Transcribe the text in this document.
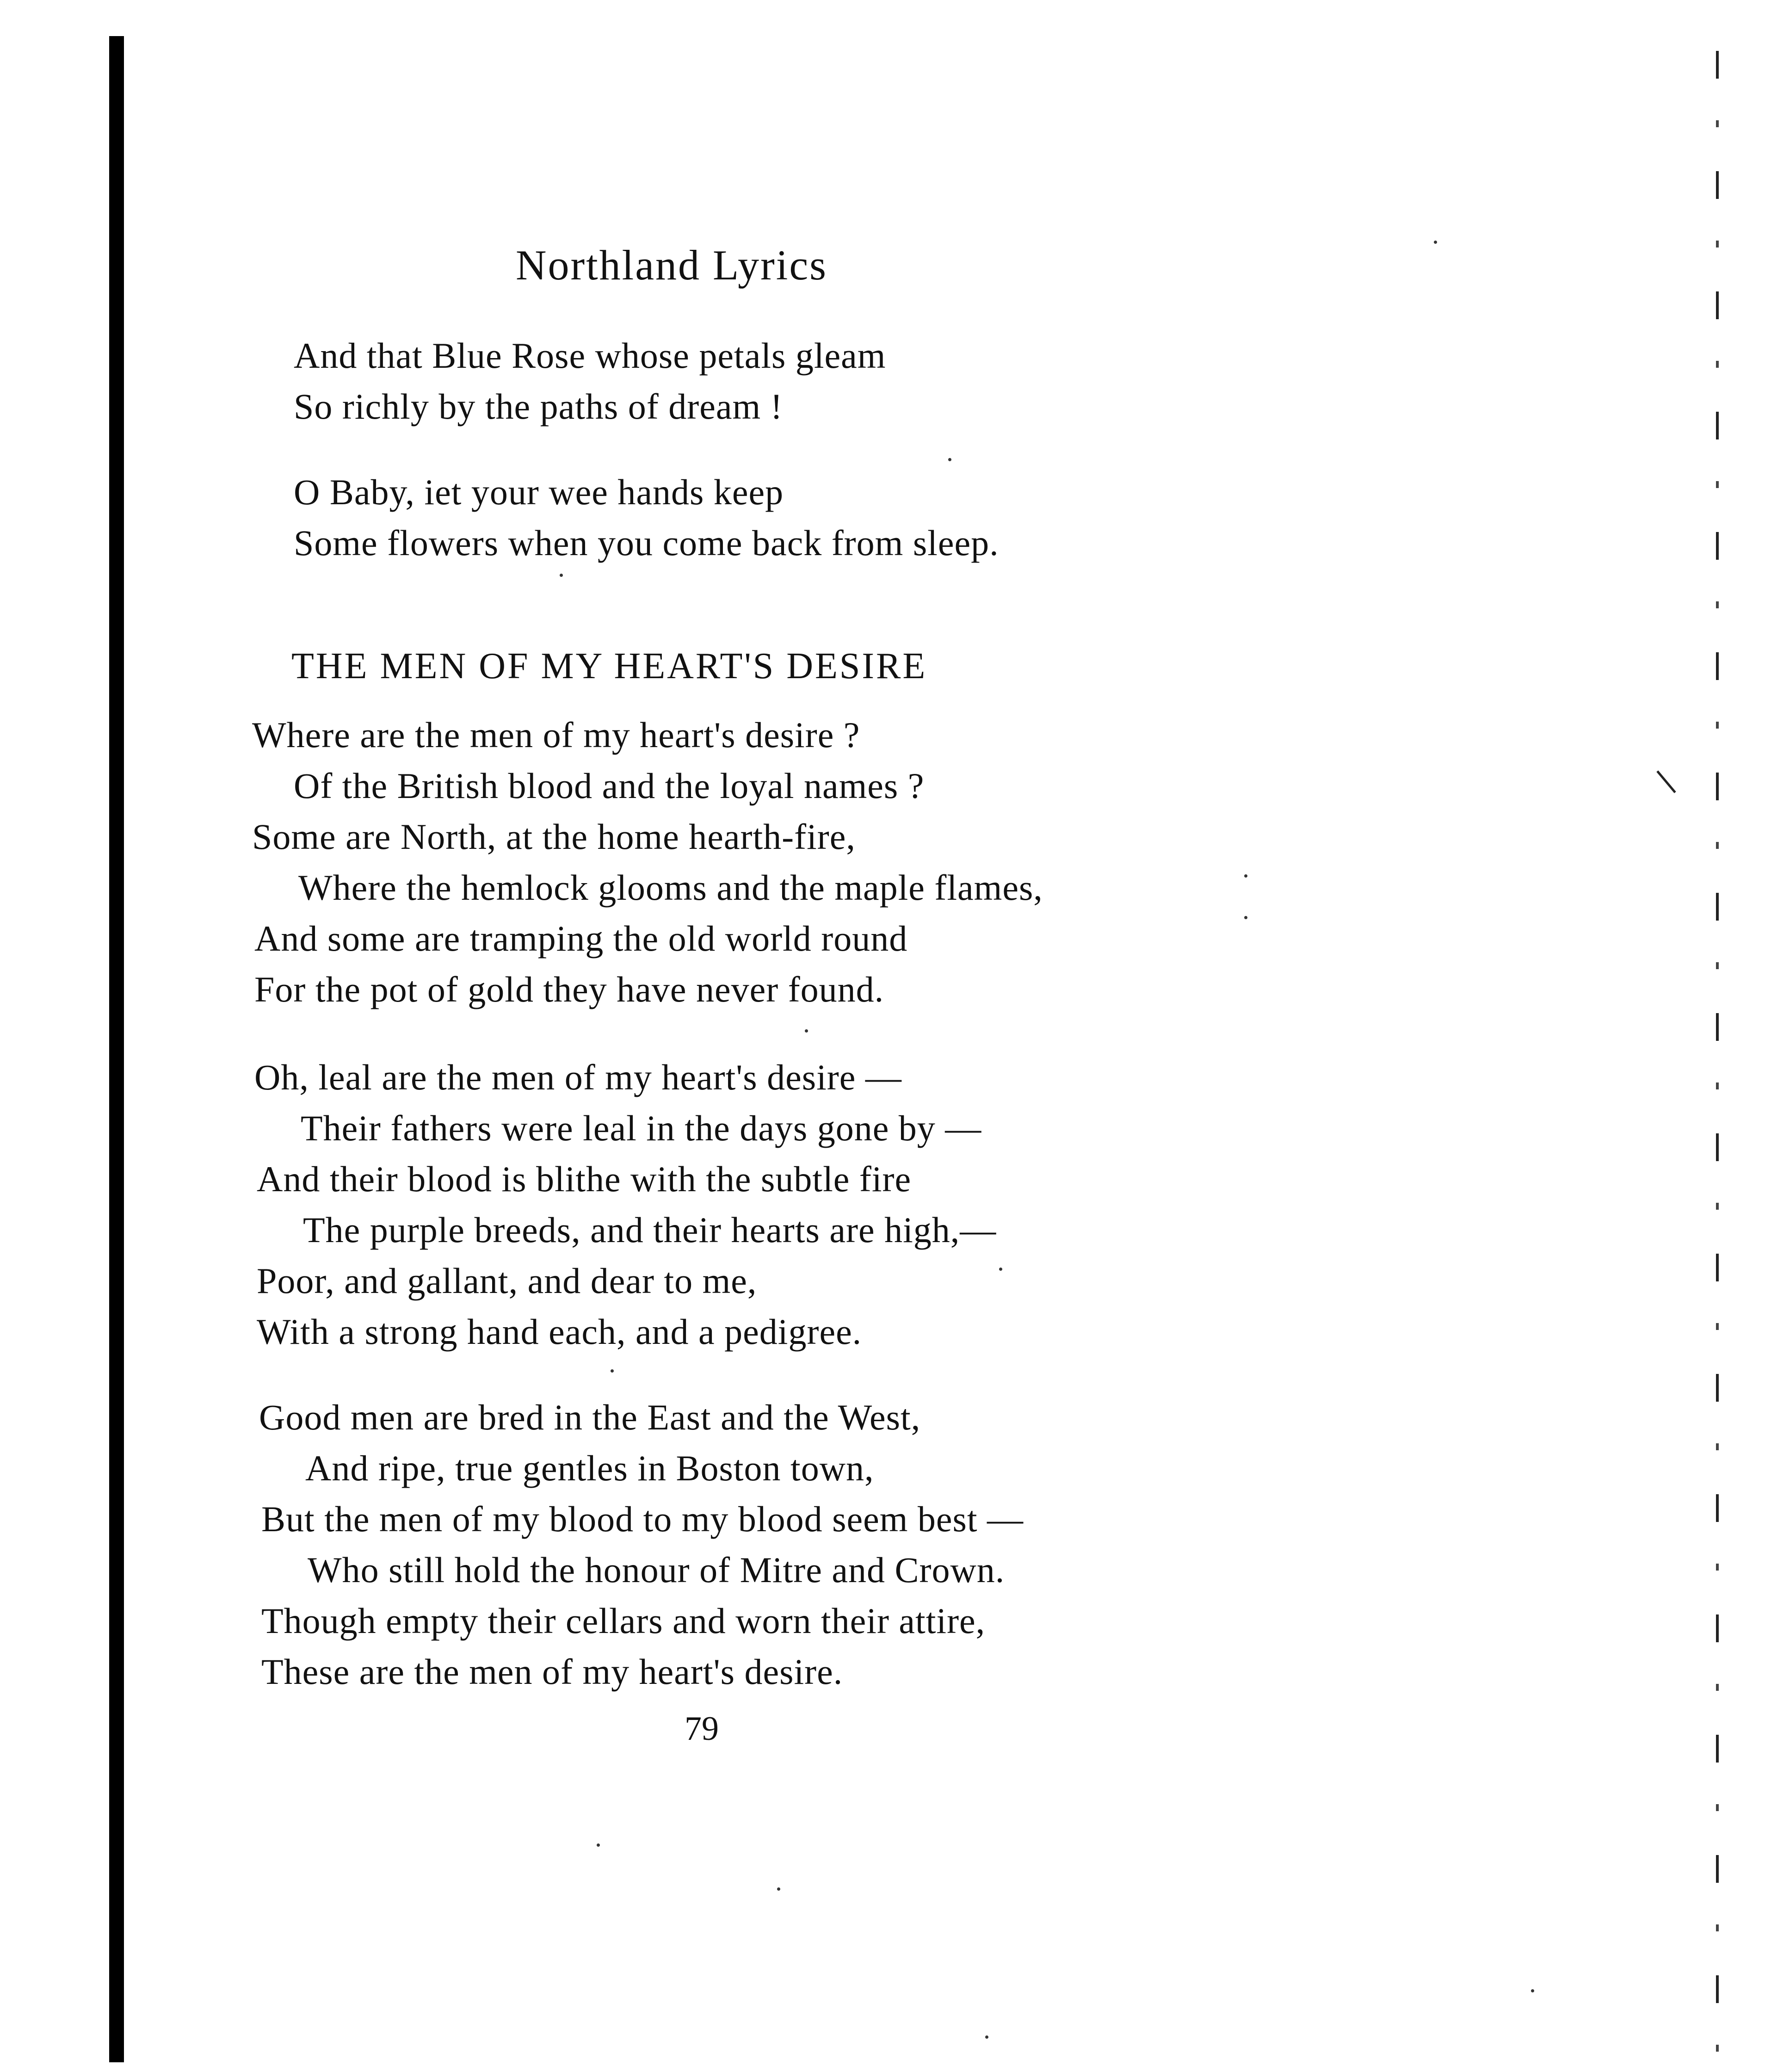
Northland Lyrics

And that Blue Rose whose petals gleam

So richly by the paths of dream !

O Baby, iet your wee hands keep

Some flowers when you come back from sleep.

THE MEN OF MY HEART'S DESIRE

Where are the men of my heart's desire ?

Of the British blood and the loyal names ?

Some are North, at the home hearth-fire,

Where the hemlock glooms and the maple flames,

And some are tramping the old world round

For the pot of gold they have never found.

Oh, leal are the men of my heart's desire —

Their fathers were leal in the days gone by —

And their blood is blithe with the subtle fire

The purple breeds, and their hearts are high,—

Poor, and gallant, and dear to me,

With a strong hand each, and a pedigree.

Good men are bred in the East and the West,

And ripe, true gentles in Boston town,

But the men of my blood to my blood seem best —

Who still hold the honour of Mitre and Crown.

Though empty their cellars and worn their attire,

These are the men of my heart's desire.

79
